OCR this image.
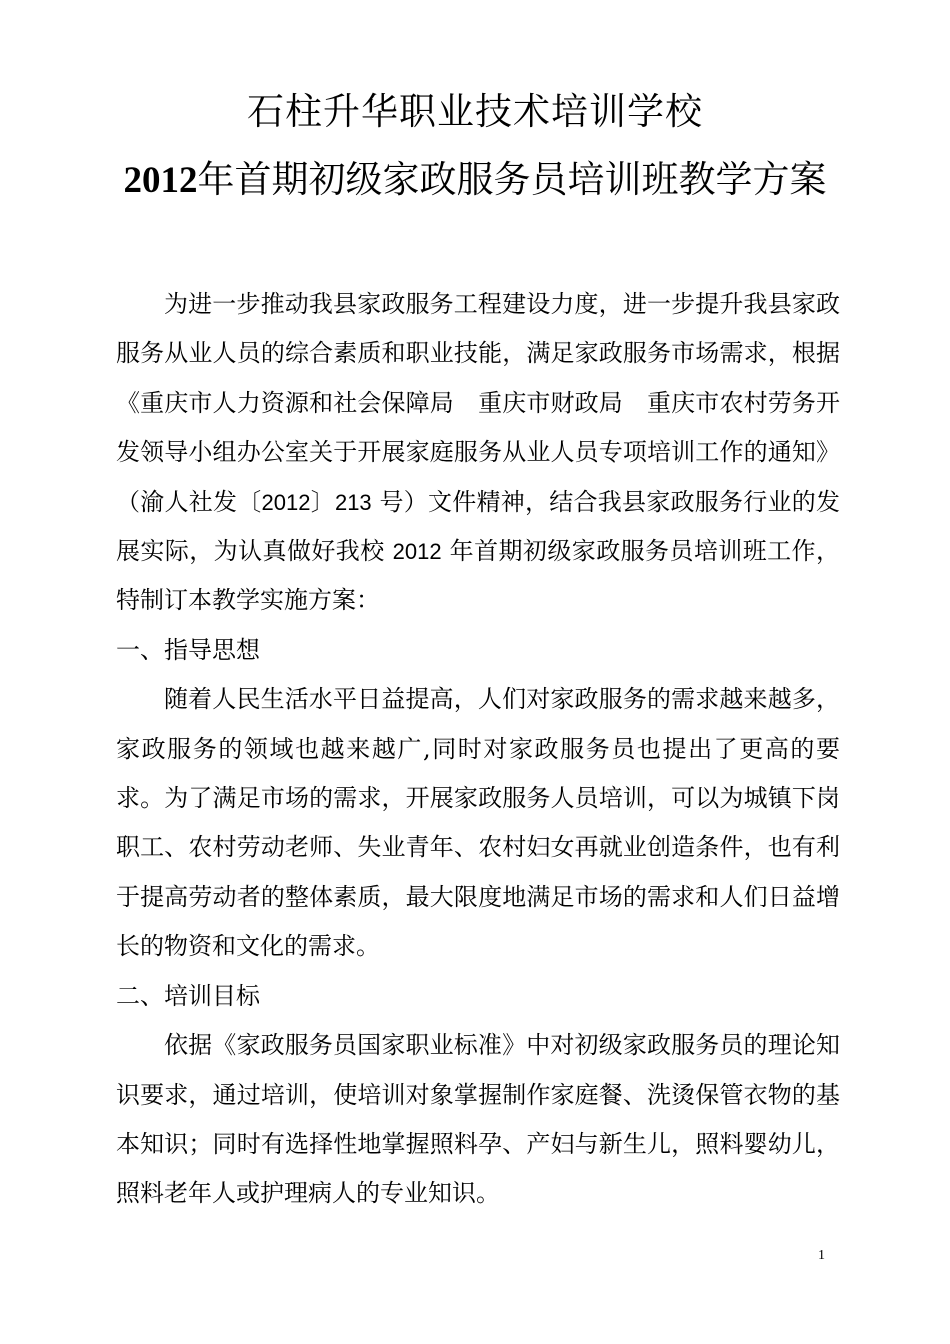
石柱升华职业技术培训学校
2012年首期初级家政服务员培训班教学方案

为进一步推动我县家政服务工程建设力度，进一步提升我县家政服务从业人员的综合素质和职业技能，满足家政服务市场需求，根据《重庆市人力资源和社会保障局　重庆市财政局　重庆市农村劳务开发领导小组办公室关于开展家庭服务从业人员专项培训工作的通知》（渝人社发〔2012〕213 号）文件精神，结合我县家政服务行业的发展实际，为认真做好我校 2012 年首期初级家政服务员培训班工作，特制订本教学实施方案：

一、指导思想

随着人民生活水平日益提高，人们对家政服务的需求越来越多，家政服务的领域也越来越广,同时对家政服务员也提出了更高的要求。为了满足市场的需求，开展家政服务人员培训，可以为城镇下岗职工、农村劳动老师、失业青年、农村妇女再就业创造条件，也有利于提高劳动者的整体素质，最大限度地满足市场的需求和人们日益增长的物资和文化的需求。

二、培训目标

依据《家政服务员国家职业标准》中对初级家政服务员的理论知识要求，通过培训，使培训对象掌握制作家庭餐、洗烫保管衣物的基本知识；同时有选择性地掌握照料孕、产妇与新生儿，照料婴幼儿，照料老年人或护理病人的专业知识。

1
